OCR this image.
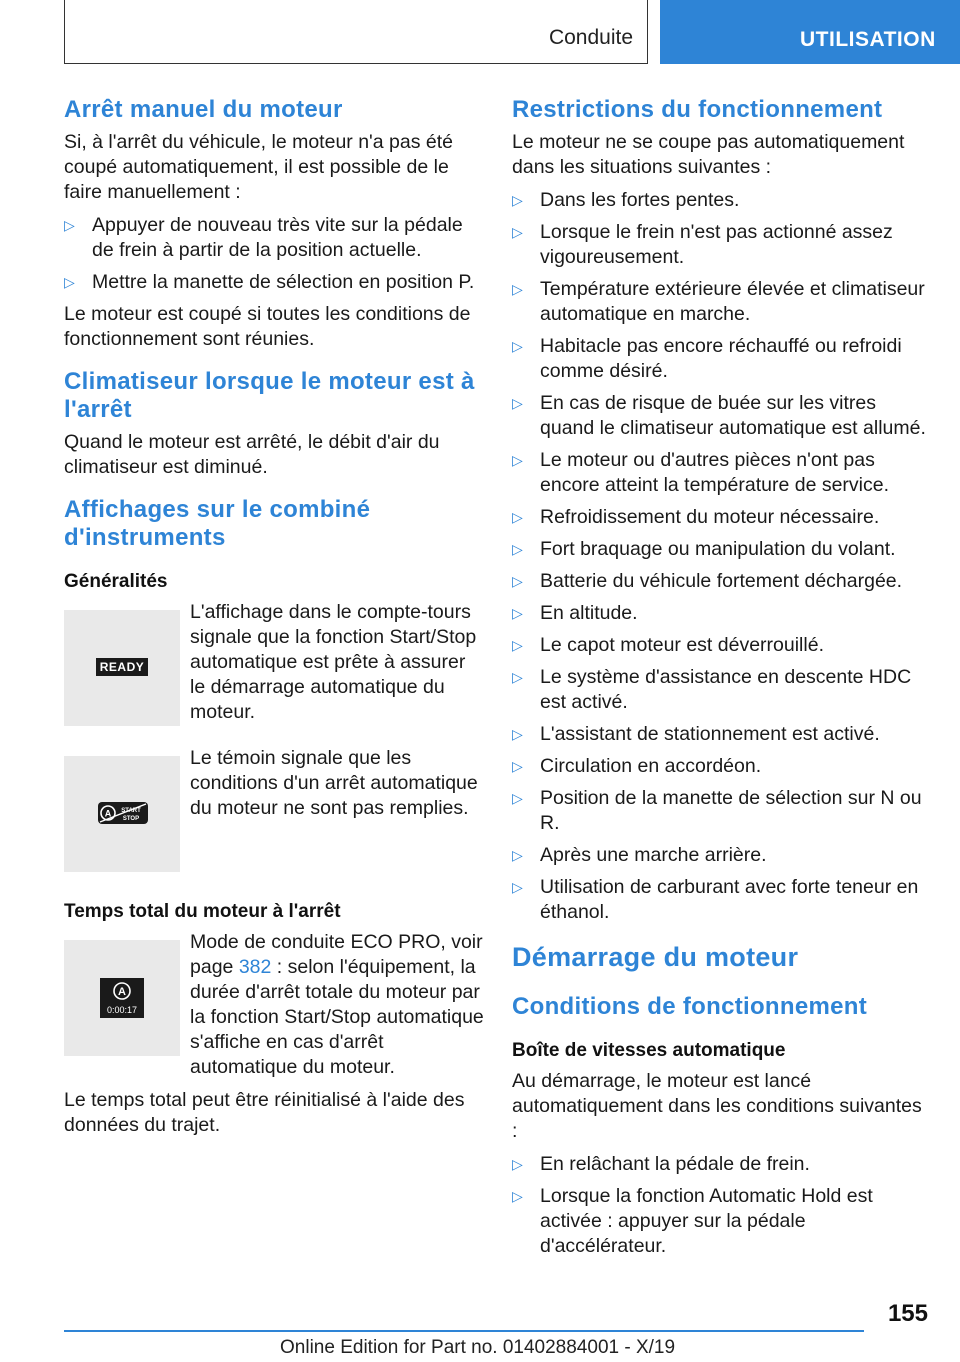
Conduite	UTILISATION
Arrêt manuel du moteur

Si, à l'arrêt du véhicule, le moteur n'a pas été coupé automatiquement, il est possible de le faire manuellement :

▷ Appuyer de nouveau très vite sur la pédale de frein à partir de la position actuelle.
▷ Mettre la manette de sélection en position P.

Le moteur est coupé si toutes les conditions de fonctionnement sont réunies.

Climatiseur lorsque le moteur est à l'arrêt

Quand le moteur est arrêté, le débit d'air du climatiseur est diminué.

Affichages sur le combiné d'instruments
Généralités
READY

L'affichage dans le compte-tours signale que la fonction Start/Stop automatique est prête à assurer le démarrage automatique du moteur.

A START
STOP

Le témoin signale que les conditions d'un arrêt automatique du moteur ne sont pas remplies.

Temps total du moteur à l'arrêt
A
0:00:17

Mode de conduite ECO PRO, voir page 382 : selon l'équipement, la durée d'arrêt totale du moteur par la fonction Start/Stop automatique s'affiche en cas d'arrêt automatique du moteur.

Le temps total peut être réinitialisé à l'aide des données du trajet.

Restrictions du fonctionnement

Le moteur ne se coupe pas automatiquement dans les situations suivantes :

▷ Dans les fortes pentes.
▷ Lorsque le frein n'est pas actionné assez vigoureusement.
▷ Température extérieure élevée et climatiseur automatique en marche.
▷ Habitacle pas encore réchauffé ou refroidi comme désiré.
▷ En cas de risque de buée sur les vitres quand le climatiseur automatique est allumé.
▷ Le moteur ou d'autres pièces n'ont pas encore atteint la température de service.
▷ Refroidissement du moteur nécessaire.
▷ Fort braquage ou manipulation du volant.
▷ Batterie du véhicule fortement déchargée.
▷ En altitude.
▷ Le capot moteur est déverrouillé.
▷ Le système d'assistance en descente HDC est activé.
▷ L'assistant de stationnement est activé.
▷ Circulation en accordéon.
▷ Position de la manette de sélection sur N ou R.
▷ Après une marche arrière.
▷ Utilisation de carburant avec forte teneur en éthanol.
Démarrage du moteur
Conditions de fonctionnement
Boîte de vitesses automatique

Au démarrage, le moteur est lancé automatiquement dans les conditions suivantes :

▷ En relâchant la pédale de frein.
▷ Lorsque la fonction Automatic Hold est activée : appuyer sur la pédale d'accélérateur.
155
Online Edition for Part no. 01402884001 - X/19
